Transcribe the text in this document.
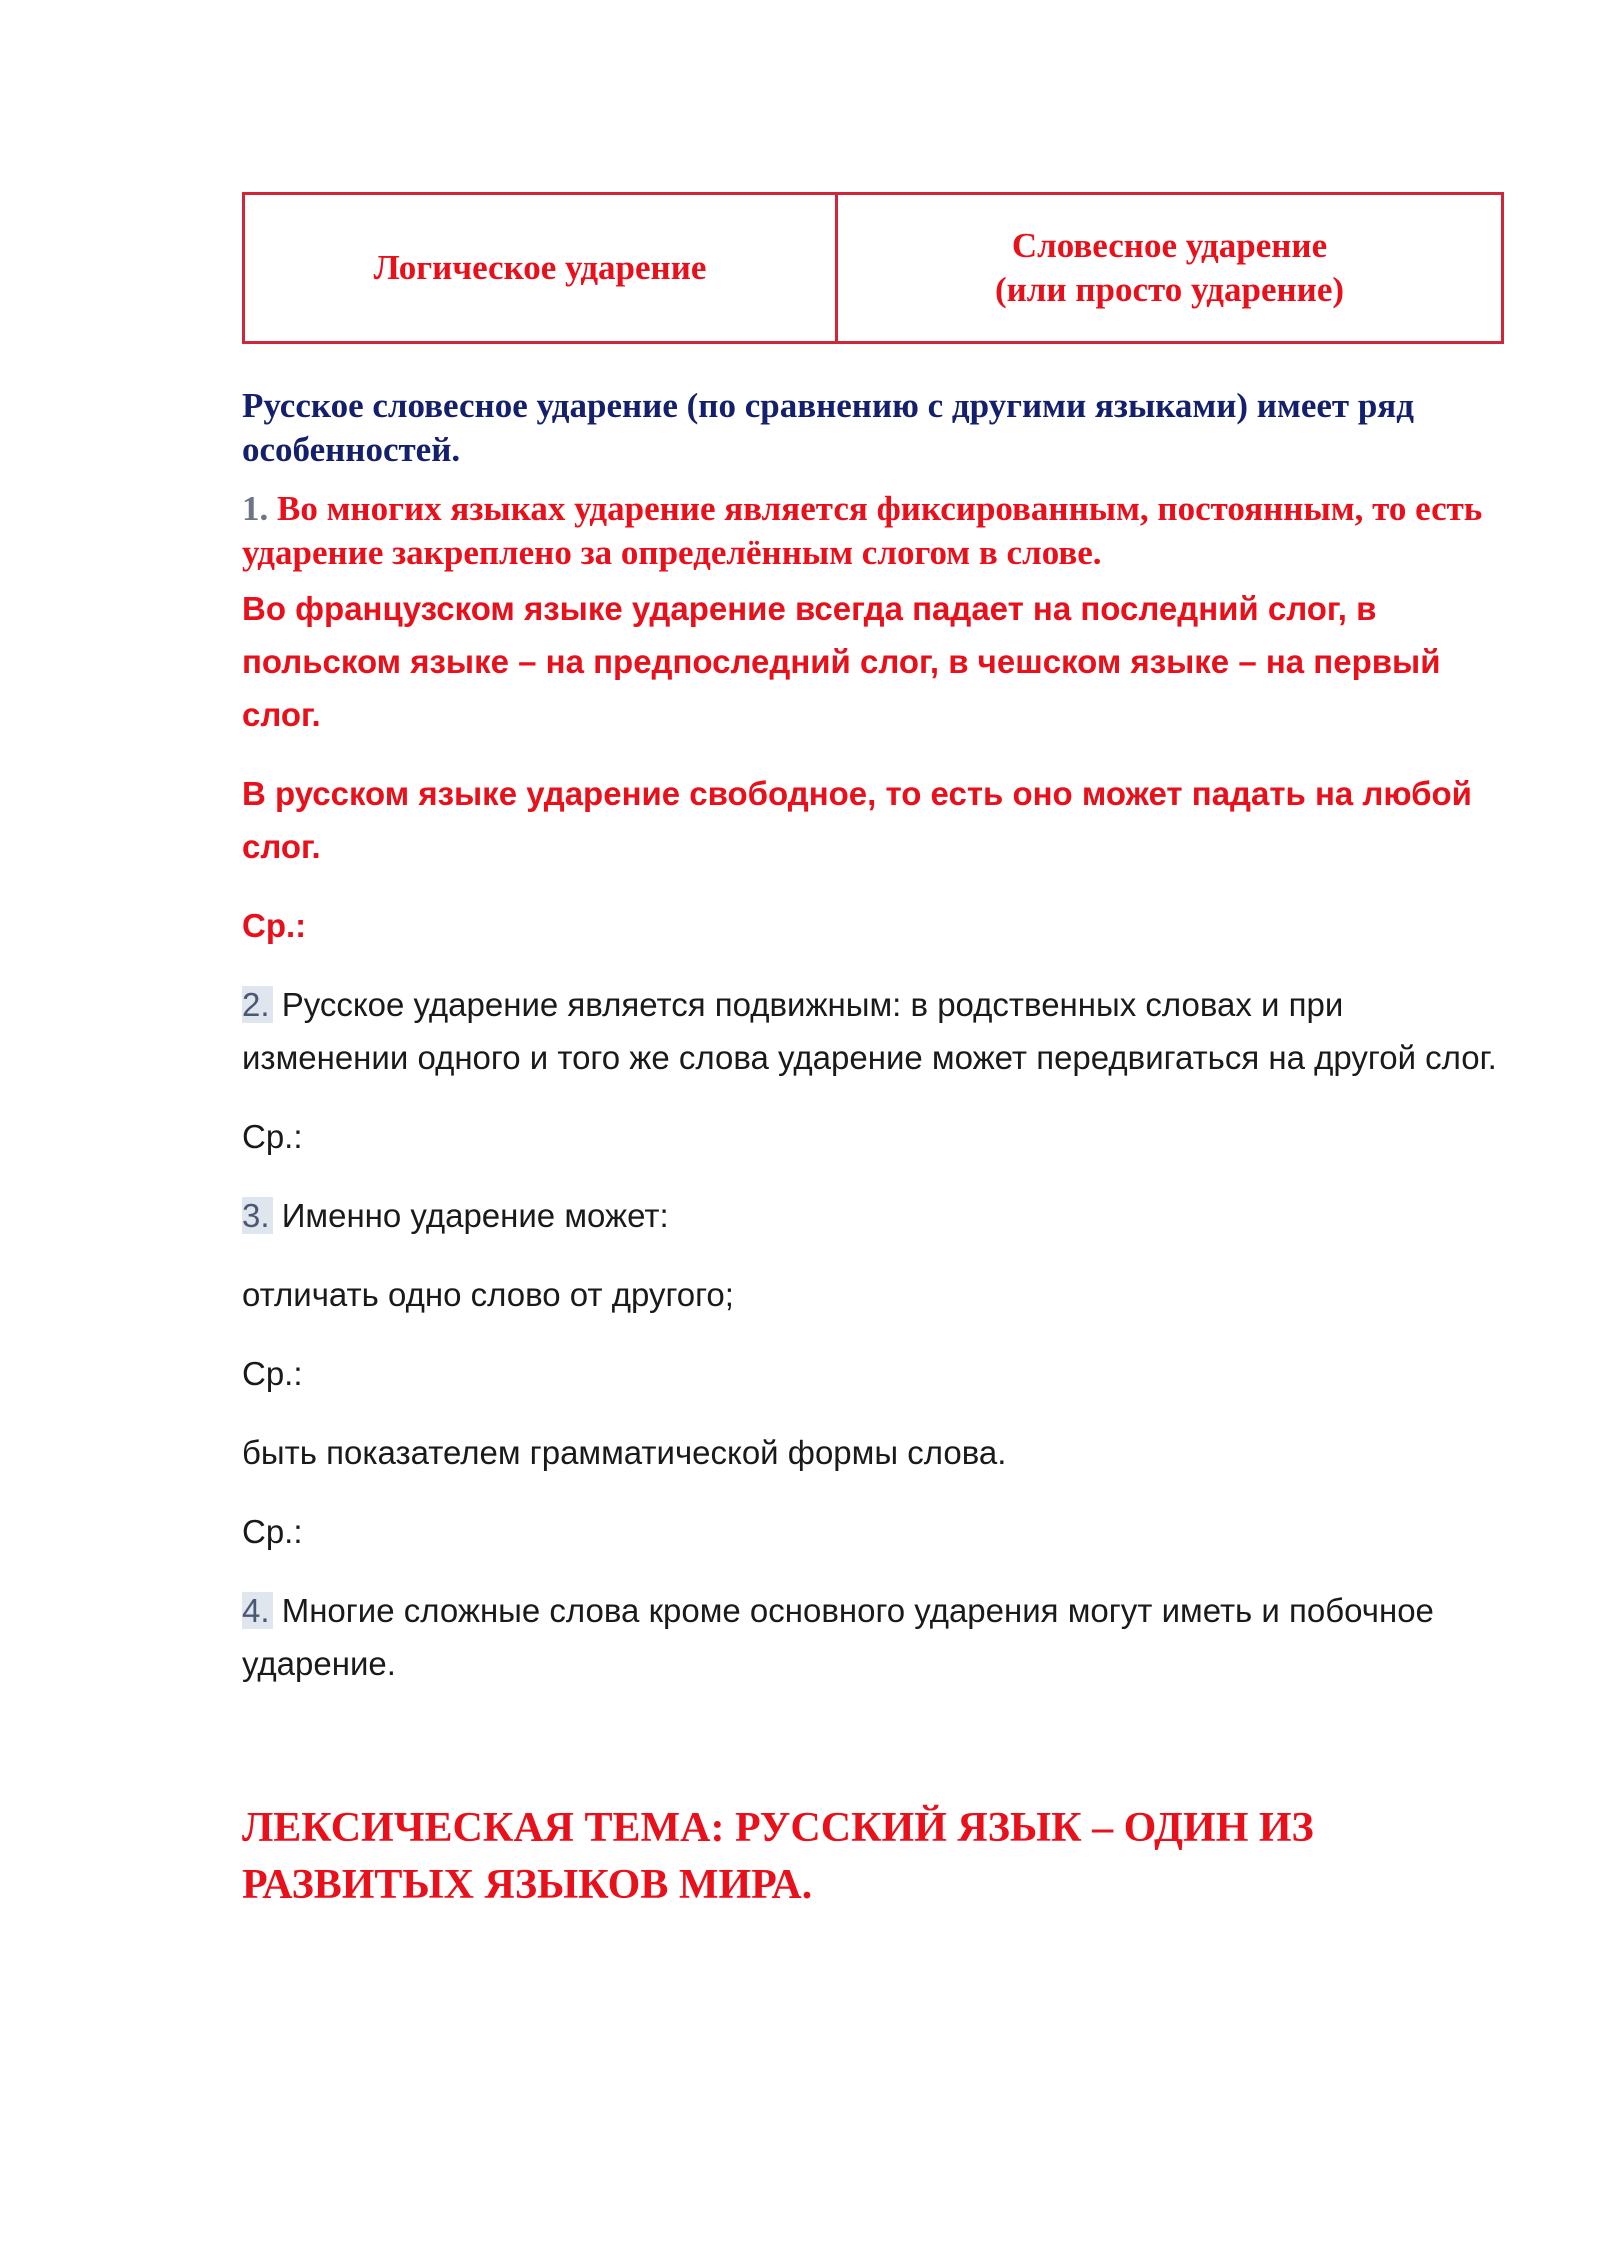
Логическое ударение	Словесное ударение
(или просто ударение)

Русское словесное ударение (по сравнению с другими языками) имеет ряд особенностей.

1. Во многих языках ударение является фиксированным, постоянным, то есть ударение закреплено за определённым слогом в слове.

Во французском языке ударение всегда падает на последний слог, в польском языке – на предпоследний слог, в чешском языке – на первый слог.

В русском языке ударение свободное, то есть оно может падать на любой слог.

Ср.:

2. Русское ударение является подвижным: в родственных словах и при изменении одного и того же слова ударение может передвигаться на другой слог.

Ср.:

3. Именно ударение может:

отличать одно слово от другого;

Ср.:

быть показателем грамматической формы слова.

Ср.:

4. Многие сложные слова кроме основного ударения могут иметь и побочное ударение.

ЛЕКСИЧЕСКАЯ ТЕМА: РУССКИЙ ЯЗЫК – ОДИН ИЗ
РАЗВИТЫХ ЯЗЫКОВ МИРА.
